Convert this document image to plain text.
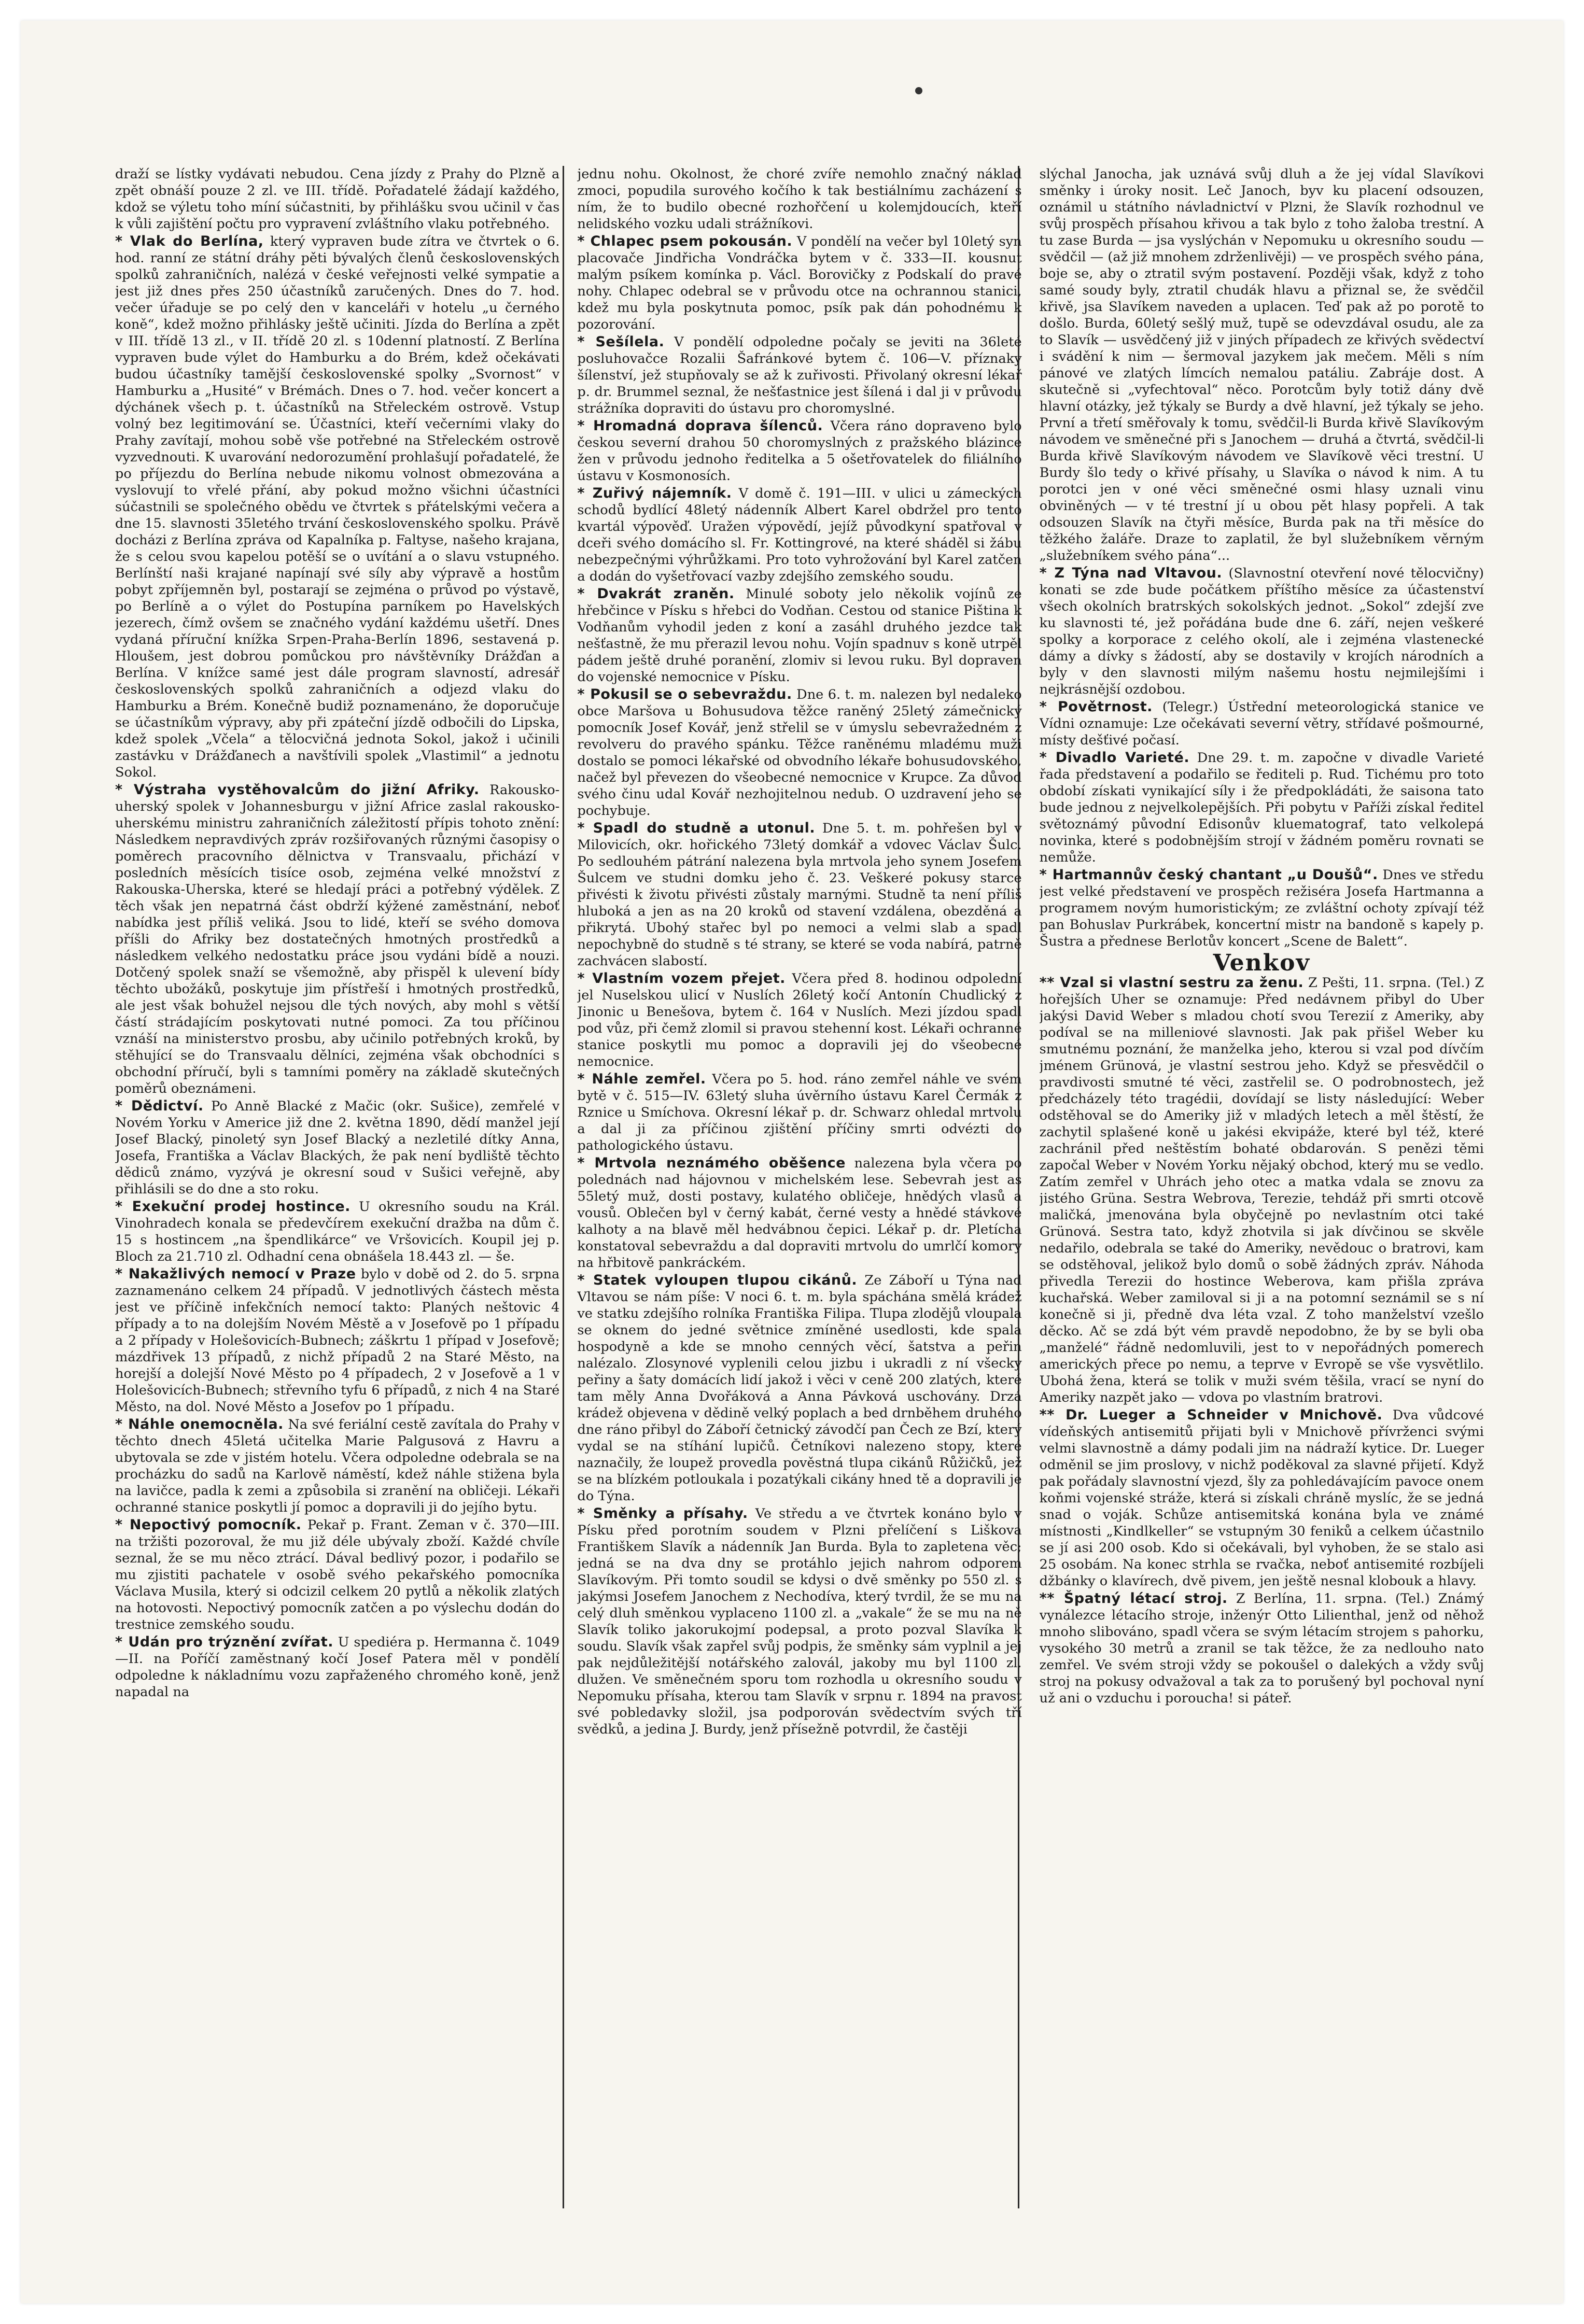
draží se lístky vydávati nebudou. Cena jízdy z Prahy do Plzně a zpět obnáší pouze 2 zl. ve III. třídě. Pořadatelé žádají každého, kdož se výletu toho míní súčastniti, by přihlášku svou učinil v čas k vůli zajištění počtu pro vypravení zvláštního vlaku potřebného.

* Vlak do Berlína, který vypraven bude zítra ve čtvrtek o 6. hod. ranní ze státní dráhy pěti bývalých členů československých spolků zahraničních, nalézá v české veřejnosti velké sympatie a jest již dnes přes 250 účastníků zaručených. Dnes do 7. hod. večer úřaduje se po celý den v kanceláři v hotelu „u černého koně“, kdež možno přihlásky ještě učiniti. Jízda do Berlína a zpět v III. třídě 13 zl., v II. třídě 20 zl. s 10denní platností. Z Berlína vypraven bude výlet do Hamburku a do Brém, kdež očekávati budou účastníky tamější československé spolky „Svornost“ v Hamburku a „Husité“ v Brémách. Dnes o 7. hod. večer koncert a dýchánek všech p. t. účastníků na Střeleckém ostrově. Vstup volný bez legitimování se. Účastníci, kteří večerními vlaky do Prahy zavítají, mohou sobě vše potřebné na Střeleckém ostrově vyzvednouti. K uvarování nedorozumění prohlašují pořadatelé, že po příjezdu do Berlína nebude nikomu volnost obmezována a vyslovují to vřelé přání, aby pokud možno všichni účastníci súčastnili se společného obědu ve čtvrtek s přátelskými večera a dne 15. slavnosti 35letého trvání československého spolku. Právě docházi z Berlína zpráva od Kapalníka p. Faltyse, našeho krajana, že s celou svou kapelou potěší se o uvítání a o slavu vstupného. Berlínští naši krajané napínají své síly aby výpravě a hostům pobyt zpříjemněn byl, postarají se zejména o průvod po výstavě, po Berlíně a o výlet do Postupína parníkem po Havelských jezerech, čímž ovšem se značného vydání každému ušetří. Dnes vydaná příruční knížka Srpen-Praha-Berlín 1896, sestavená p. Hloušem, jest dobrou pomůckou pro návštěvníky Drážďan a Berlína. V knížce samé jest dále program slavností, adresář československých spolků zahraničních a odjezd vlaku do Hamburku a Brém. Konečně budiž poznamenáno, že doporučuje se účastníkům výpravy, aby při zpáteční jízdě odbočili do Lipska, kdež spolek „Včela“ a tělocvičná jednota Sokol, jakož i učinili zastávku v Drážďanech a navštívili spolek „Vlastimil“ a jednotu Sokol.

* Výstraha vystěhovalcům do jižní Afriky. Rakousko-uherský spolek v Johannesburgu v jižní Africe zaslal rakousko-uherskému ministru zahraničních záležitostí přípis tohoto znění: Následkem nepravdivých zpráv rozšiřovaných různými časopisy o poměrech pracovního dělnictva v Transvaalu, přichází v posledních měsících tisíce osob, zejména velké množství z Rakouska-Uherska, které se hledají práci a potřebný výdělek. Z těch však jen nepatrná část obdrží kýžené zaměstnání, neboť nabídka jest příliš veliká. Jsou to lidé, kteří se svého domova příšli do Afriky bez dostatečných hmotných prostředků a následkem velkého nedostatku práce jsou vydáni bídě a nouzi. Dotčený spolek snaží se všemožně, aby přispěl k ulevení bídy těchto ubožáků, poskytuje jim přístřeší i hmotných prostředků, ale jest však bohužel nejsou dle tých nových, aby mohl s větší částí strádajícím poskytovati nutné pomoci. Za tou příčinou vznáší na ministerstvo prosbu, aby učinilo potřebných kroků, by stěhující se do Transvaalu dělníci, zejména však obchodníci s obchodní příručí, byli s tamními poměry na základě skutečných poměrů obeznámeni.

* Dědictví. Po Anně Blacké z Mačic (okr. Sušice), zemřelé v Novém Yorku v Americe již dne 2. května 1890, dědí manžel její Josef Blacký, pinoletý syn Josef Blacký a nezletilé dítky Anna, Josefa, Františka a Václav Blackých, že pak není bydliště těchto dědiců známo, vyzývá je okresní soud v Sušici veřejně, aby přihlásili se do dne a sto roku.

* Exekuční prodej hostince. U okresního soudu na Král. Vinohradech konala se předevčírem exekuční dražba na dům č. 15 s hostincem „na špendlikárce“ ve Vršovicích. Koupil jej p. Bloch za 21.710 zl. Odhadní cena obnášela 18.443 zl. — še.

* Nakažlivých nemocí v Praze bylo v době od 2. do 5. srpna zaznamenáno celkem 24 případů. V jednotlivých částech města jest ve příčině infekčních nemocí takto: Planých neštovic 4 případy a to na dolejším Novém Městě a v Josefově po 1 případu a 2 případy v Holešovicích-Bubnech; záškrtu 1 případ v Josefově; mázdřivek 13 případů, z nichž případů 2 na Staré Město, na horejší a dolejší Nové Město po 4 případech, 2 v Josefově a 1 v Holešovicích-Bubnech; střevního tyfu 6 případů, z nich 4 na Staré Město, na dol. Nové Město a Josefov po 1 případu.

* Náhle onemocněla. Na své feriální cestě zavítala do Prahy v těchto dnech 45letá učitelka Marie Palgusová z Havru a ubytovala se zde v jistém hotelu. Včera odpoledne odebrala se na procházku do sadů na Karlově náměstí, kdež náhle stižena byla na lavičce, padla k zemi a způsobila si zranění na obličeji. Lékaři ochranné stanice poskytli jí pomoc a dopravili ji do jejího bytu.

* Nepoctivý pomocník. Pekař p. Frant. Zeman v č. 370—III. na tržišti pozoroval, že mu již déle ubývaly zboží. Každé chvíle seznal, že se mu něco ztrácí. Dával bedlivý pozor, i podařilo se mu zjistiti pachatele v osobě svého pekařského pomocníka Václava Musila, který si odcizil celkem 20 pytlů a několik zlatých na hotovosti. Nepoctivý pomocník zatčen a po výslechu dodán do trestnice zemského soudu.

* Udán pro trýznění zvířat. U spediéra p. Hermanna č. 1049—II. na Poříčí zaměstnaný kočí Josef Patera měl v pondělí odpoledne k nákladnímu vozu zapřaženého chromého koně, jenž napadal na

jednu nohu. Okolnost, že choré zvíře nemohlo značný náklad zmoci, popudila surového kočího k tak bestiálnímu zacházení s ním, že to budilo obecné rozhořčení u kolemjdoucích, kteří nelidského vozku udali strážníkovi.

* Chlapec psem pokousán. V pondělí na večer byl 10letý syn placovače Jindřicha Vondráčka bytem v č. 333—II. kousnut malým psíkem komínka p. Václ. Borovičky z Podskalí do pravé nohy. Chlapec odebral se v průvodu otce na ochrannou stanici, kdež mu byla poskytnuta pomoc, psík pak dán pohodnému k pozorování.

* Sešílela. V pondělí odpoledne počaly se jeviti na 36leté posluhovačce Rozalii Šafránkové bytem č. 106—V. příznaky šílenství, jež stupňovaly se až k zuřivosti. Přivolaný okresní lékař p. dr. Brummel seznal, že nešťastnice jest šílená i dal ji v průvodu strážníka dopraviti do ústavu pro choromyslné.

* Hromadná doprava šílenců. Včera ráno dopraveno bylo českou severní drahou 50 choromyslných z pražského blázince žen v průvodu jednoho ředitelka a 5 ošetřovatelek do filiálního ústavu v Kosmonosích.

* Zuřivý nájemník. V domě č. 191—III. v ulici u zámeckých schodů bydlící 48letý nádenník Albert Karel obdržel pro tento kvartál výpověď. Uražen výpovědí, jejíž původkyní spatřoval v dceři svého domácího sl. Fr. Kottingrové, na které sháděl si žábu nebezpečnými výhrůžkami. Pro toto vyhrožování byl Karel zatčen a dodán do vyšetřovací vazby zdejšího zemského soudu.

* Dvakrát zraněn. Minulé soboty jelo několik vojínů ze hřebčince v Písku s hřebci do Vodňan. Cestou od stanice Piština k Vodňanům vyhodil jeden z koní a zasáhl druhého jezdce tak nešťastně, že mu přerazil levou nohu. Vojín spadnuv s koně utrpěl pádem ještě druhé poranění, zlomiv si levou ruku. Byl dopraven do vojenské nemocnice v Písku.

* Pokusil se o sebevraždu. Dne 6. t. m. nalezen byl nedaleko obce Maršova u Bohusudova těžce raněný 25letý zámečnický pomocník Josef Kovář, jenž střelil se v úmyslu sebevražedném z revolveru do pravého spánku. Těžce raněnému mladému muži dostalo se pomoci lékařské od obvodního lékaře bohusudovského, načež byl převezen do všeobecné nemocnice v Krupce. Za důvod svého činu udal Kovář nezhojitelnou nedub. O uzdravení jeho se pochybuje.

* Spadl do studně a utonul. Dne 5. t. m. pohřešen byl v Milovicích, okr. hořického 73letý domkář a vdovec Václav Šulc. Po sedlouhém pátrání nalezena byla mrtvola jeho synem Josefem Šulcem ve studni domku jeho č. 23. Veškeré pokusy starce přivésti k životu přivésti zůstaly marnými. Studně ta není příliš hluboká a jen as na 20 kroků od stavení vzdálena, obezděná a přikrytá. Ubohý stařec byl po nemoci a velmi slab a spadl nepochybně do studně s té strany, se které se voda nabírá, patrně zachvácen slabostí.

* Vlastním vozem přejet. Včera před 8. hodinou odpolední jel Nuselskou ulicí v Nuslích 26letý kočí Antonín Chudlický z Jinonic u Benešova, bytem č. 164 v Nuslích. Mezi jízdou spadl pod vůz, při čemž zlomil si pravou stehenní kost. Lékaři ochranné stanice poskytli mu pomoc a dopravili jej do všeobecné nemocnice.

* Náhle zemřel. Včera po 5. hod. ráno zemřel náhle ve svém bytě v č. 515—IV. 63letý sluha úvěrního ústavu Karel Čermák z Rznice u Smíchova. Okresní lékař p. dr. Schwarz ohledal mrtvolu a dal ji za příčinou zjištění příčiny smrti odvézti do pathologického ústavu.

* Mrtvola neznámého oběšence nalezena byla včera po polednách nad hájovnou v michelském lese. Sebevrah jest as 55letý muž, dosti postavy, kulatého obličeje, hnědých vlasů a vousů. Oblečen byl v černý kabát, černé vesty a hnědé stávkové kalhoty a na blavě měl hedvábnou čepici. Lékař p. dr. Pletícha konstatoval sebevraždu a dal dopraviti mrtvolu do umrlčí komory na hřbitově pankráckém.

* Statek vyloupen tlupou cikánů. Ze Záboří u Týna nad Vltavou se nám píše: V noci 6. t. m. byla spáchána smělá krádež ve statku zdejšího rolníka Františka Filipa. Tlupa zlodějů vloupala se oknem do jedné světnice zmíněné usedlosti, kde spala hospodyně a kde se mnoho cenných věcí, šatstva a peřin nalézalo. Zlosynové vyplenili celou jizbu i ukradli z ní všecky peřiny a šaty domácích lidí jakož i věci v ceně 200 zlatých, které tam měly Anna Dvořáková a Anna Pávková uschovány. Drzá krádež objevena v dědině velký poplach a bed drnběhem druhého dne ráno přibyl do Záboří četnický závodčí pan Čech ze Bzí, který vydal se na stíhání lupičů. Četníkovi nalezeno stopy, které naznačily, že loupež provedla pověstná tlupa cikánů Růžičků, jež se na blízkém potloukala i pozatýkali cikány hned tě a dopravili je do Týna.

* Směnky a přísahy. Ve středu a ve čtvrtek konáno bylo v Písku před porotním soudem v Plzni přelíčení s Liškova Františkem Slavík a nádenník Jan Burda. Byla to zapletena věc; jedná se na dva dny se protáhlo jejich nahrom odporem Slavíkovým. Při tomto soudil se kdysi o dvě směnky po 550 zl. s jakýmsi Josefem Janochem z Nechodíva, který tvrdil, že se mu na celý dluh směnkou vyplaceno 1100 zl. a „vakale“ že se mu na ně Slavík toliko jakorukojmí podepsal, a proto pozval Slavíka k soudu. Slavík však zapřel svůj podpis, že směnky sám vyplnil a jej pak nejdůležitější notářského zalovál, jakoby mu byl 1100 zl. dlužen. Ve směnečném sporu tom rozhodla u okresního soudu v Nepomuku přísaha, kterou tam Slavík v srpnu r. 1894 na pravost své pobledavky složil, jsa podporován svědectvím svých tří svědků, a jedina J. Burdy, jenž přísežně potvrdil, že častěji

slýchal Janocha, jak uznává svůj dluh a že jej vídal Slavíkovi směnky i úroky nosit. Leč Janoch, byv ku placení odsouzen, oznámil u státního návladnictví v Plzni, že Slavík rozhodnul ve svůj prospěch přísahou křivou a tak bylo z toho žaloba trestní. A tu zase Burda — jsa vyslýchán v Nepomuku u okresního soudu — svědčil — (až již mnohem zdrženlivěji) — ve prospěch svého pána, boje se, aby o ztratil svým postavení. Později však, když z toho samé soudy byly, ztratil chudák hlavu a přiznal se, že svědčil křivě, jsa Slavíkem naveden a uplacen. Teď pak až po porotě to došlo. Burda, 60letý sešlý muž, tupě se odevzdával osudu, ale za to Slavík — usvědčený již v jiných případech ze křivých svědectví i svádění k nim — šermoval jazykem jak mečem. Měli s ním pánové ve zlatých límcích nemalou patáliu. Zabráje dost. A skutečně si „vyfechtoval“ něco. Porotcům byly totiž dány dvě hlavní otázky, jež týkaly se Burdy a dvě hlavní, jež týkaly se jeho. První a třetí směřovaly k tomu, svědčil-li Burda křivě Slavíkovým návodem ve směnečné při s Janochem — druhá a čtvrtá, svědčil-li Burda křivě Slavíkovým návodem ve Slavíkově věci trestní. U Burdy šlo tedy o křivé přísahy, u Slavíka o návod k nim. A tu porotci jen v oné věci směnečné osmi hlasy uznali vinu obviněných — v té trestní jí u obou pět hlasy popřeli. A tak odsouzen Slavík na čtyři měsíce, Burda pak na tři měsíce do těžkého žaláře. Draze to zaplatil, že byl služebníkem věrným „služebníkem svého pána“...

* Z Týna nad Vltavou. (Slavnostní otevření nové tělocvičny) konati se zde bude počátkem příštího měsíce za účastenství všech okolních bratrských sokolských jednot. „Sokol“ zdejší zve ku slavnosti té, jež pořádána bude dne 6. září, nejen veškeré spolky a korporace z celého okolí, ale i zejména vlastenecké dámy a dívky s žádostí, aby se dostavily v krojích národních a byly v den slavnosti milým našemu hostu nejmilejšími i nejkrásnější ozdobou.

* Povětrnost. (Telegr.) Ústřední meteorologická stanice ve Vídni oznamuje: Lze očekávati severní větry, střídavé pošmourné, místy dešťivé počasí.

* Divadlo Varieté. Dne 29. t. m. započne v divadle Varieté řada představení a podařilo se řediteli p. Rud. Tichému pro toto období získati vynikající síly i že předpokládáti, že saisona tato bude jednou z nejvelkolepějších. Při pobytu v Paříži získal ředitel světoznámý původní Edisonův kluematograf, tato velkolepá novinka, které s podobnějším strojí v žádném poměru rovnati se nemůže.

* Hartmannův český chantant „u Doušů“. Dnes ve středu jest velké představení ve prospěch režiséra Josefa Hartmanna a programem novým humoristickým; ze zvláštní ochoty zpívají též pan Bohuslav Purkrábek, koncertní mistr na bandoně s kapely p. Šustra a přednese Berlotův koncert „Scene de Balett“.

Venkov

** Vzal si vlastní sestru za ženu. Z Pešti, 11. srpna. (Tel.) Z hořejších Uher se oznamuje: Před nedávnem přibyl do Uber jakýsi David Weber s mladou chotí svou Terezií z Ameriky, aby podíval se na milleniové slavnosti. Jak pak přišel Weber ku smutnému poznání, že manželka jeho, kterou si vzal pod dívčím jménem Grünová, je vlastní sestrou jeho. Když se přesvědčil o pravdivosti smutné té věci, zastřelil se. O podrobnostech, jež předcházely této tragédii, dovídají se listy následující: Weber odstěhoval se do Ameriky již v mladých letech a měl štěstí, že zachytil splašené koně u jakési ekvipáže, které byl též, které zachránil před neštěstím bohaté obdarován. S penězi těmi započal Weber v Novém Yorku nějaký obchod, který mu se vedlo. Zatím zemřel v Uhrách jeho otec a matka vdala se znovu za jistého Grüna. Sestra Webrova, Terezie, tehdáž při smrti otcově maličká, jmenována byla obyčejně po nevlastním otci také Grünová. Sestra tato, když zhotvila si jak dívčinou se skvěle nedařilo, odebrala se také do Ameriky, nevědouc o bratrovi, kam se odstěhoval, jelikož bylo domů o sobě žádných zpráv. Náhoda přivedla Terezii do hostince Weberova, kam přišla zpráva kuchařská. Weber zamiloval si ji a na potomní seznámil se s ní konečně si ji, předně dva léta vzal. Z toho manželství vzešlo děcko. Ač se zdá být vém pravdě nepodobno, že by se byli oba „manželé“ řádně nedomluvili, jest to v nepořádných pomerech amerických přece po nemu, a teprve v Evropě se vše vysvětlilo. Ubohá žena, která se tolik v muži svém těšila, vrací se nyní do Ameriky nazpět jako — vdova po vlastním bratrovi.

** Dr. Lueger a Schneider v Mnichově. Dva vůdcové vídeňských antisemitů přijati byli v Mnichově přívrženci svými velmi slavnostně a dámy podali jim na nádraží kytice. Dr. Lueger odměnil se jim proslovy, v nichž poděkoval za slavné přijetí. Když pak pořádaly slavnostní vjezd, šly za pohledávajícím pavoce onem koňmi vojenské stráže, která si získali chráně myslíc, že se jedná snad o voják. Schůze antisemitská konána byla ve známé místnosti „Kindlkeller“ se vstupným 30 feniků a celkem účastnilo se jí asi 200 osob. Kdo si očekávali, byl vyhoben, že se stalo asi 25 osobám. Na konec strhla se rvačka, neboť antisemité rozbíjeli džbánky o klavírech, dvě pivem, jen ještě nesnal klobouk a hlavy.

** Špatný létací stroj. Z Berlína, 11. srpna. (Tel.) Známý vynálezce létacího stroje, inženýr Otto Lilienthal, jenž od něhož mnoho slibováno, spadl včera se svým létacím strojem s pahorku, vysokého 30 metrů a zranil se tak těžce, že za nedlouho nato zemřel. Ve svém stroji vždy se pokoušel o dalekých a vždy svůj stroj na pokusy odvažoval a tak za to porušený byl pochoval nyní už ani o vzduchu i poroucha! si páteř.
